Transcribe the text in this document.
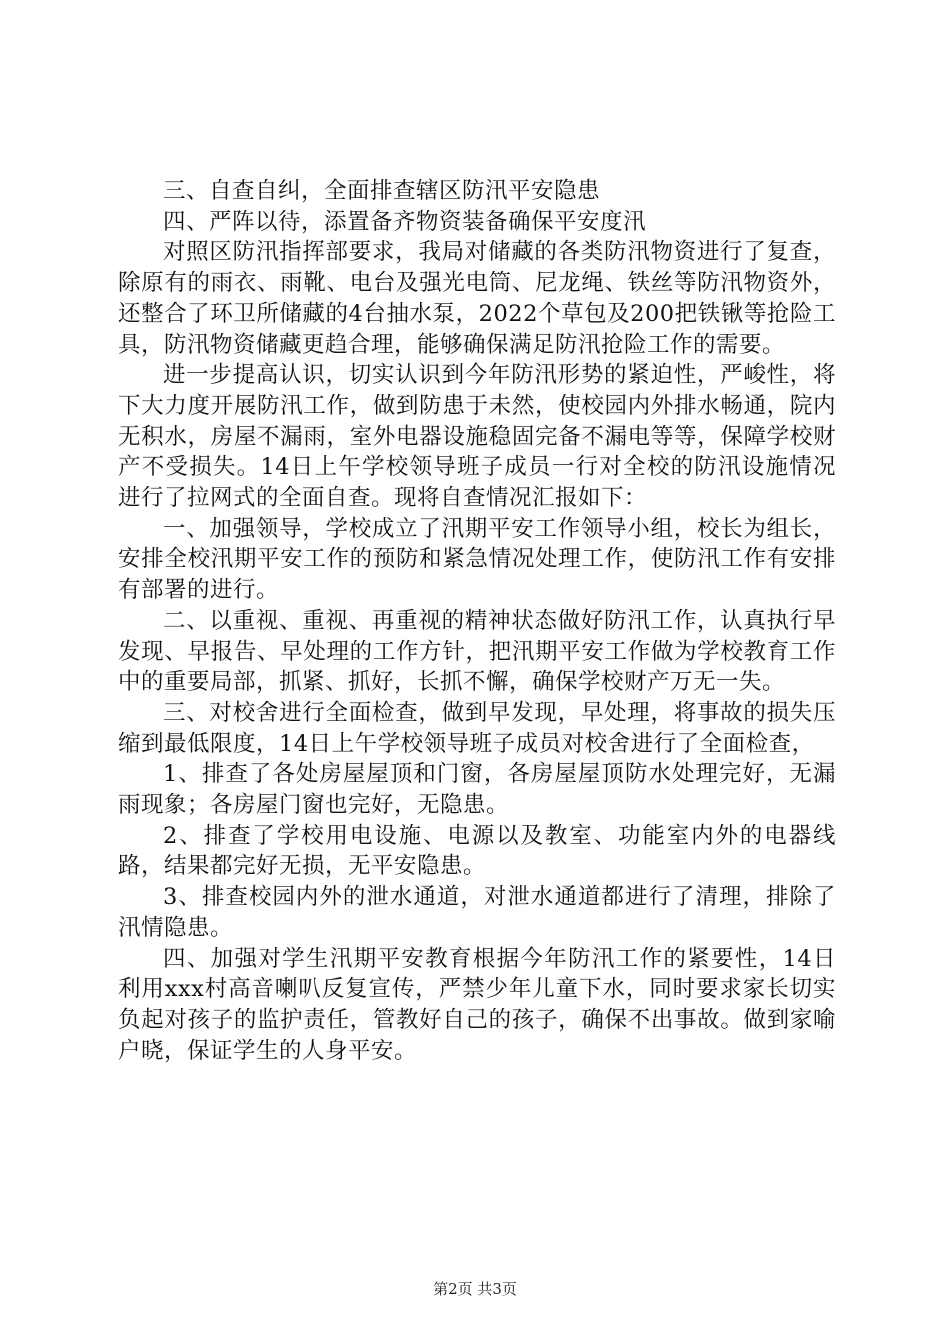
三、自查自纠，全面排查辖区防汛平安隐患

四、严阵以待，添置备齐物资装备确保平安度汛

对照区防汛指挥部要求，我局对储藏的各类防汛物资进行了复查，除原有的雨衣、雨靴、电台及强光电筒、尼龙绳、铁丝等防汛物资外，还整合了环卫所储藏的4台抽水泵，2022个草包及200把铁锹等抢险工具，防汛物资储藏更趋合理，能够确保满足防汛抢险工作的需要。

进一步提高认识，切实认识到今年防汛形势的紧迫性，严峻性，将下大力度开展防汛工作，做到防患于未然，使校园内外排水畅通，院内无积水，房屋不漏雨，室外电器设施稳固完备不漏电等等，保障学校财产不受损失。14日上午学校领导班子成员一行对全校的防汛设施情况进行了拉网式的全面自查。现将自查情况汇报如下：

一、加强领导，学校成立了汛期平安工作领导小组，校长为组长，安排全校汛期平安工作的预防和紧急情况处理工作，使防汛工作有安排有部署的进行。

二、以重视、重视、再重视的精神状态做好防汛工作，认真执行早发现、早报告、早处理的工作方针，把汛期平安工作做为学校教育工作中的重要局部，抓紧、抓好，长抓不懈，确保学校财产万无一失。

三、对校舍进行全面检查，做到早发现，早处理，将事故的损失压缩到最低限度，14日上午学校领导班子成员对校舍进行了全面检查，

1、排查了各处房屋屋顶和门窗，各房屋屋顶防水处理完好，无漏雨现象；各房屋门窗也完好，无隐患。

2、排查了学校用电设施、电源以及教室、功能室内外的电器线路，结果都完好无损，无平安隐患。

3、排查校园内外的泄水通道，对泄水通道都进行了清理，排除了汛情隐患。

四、加强对学生汛期平安教育根据今年防汛工作的紧要性，14日利用xxx村高音喇叭反复宣传，严禁少年儿童下水，同时要求家长切实负起对孩子的监护责任，管教好自己的孩子，确保不出事故。做到家喻户晓，保证学生的人身平安。

第2页 共3页
